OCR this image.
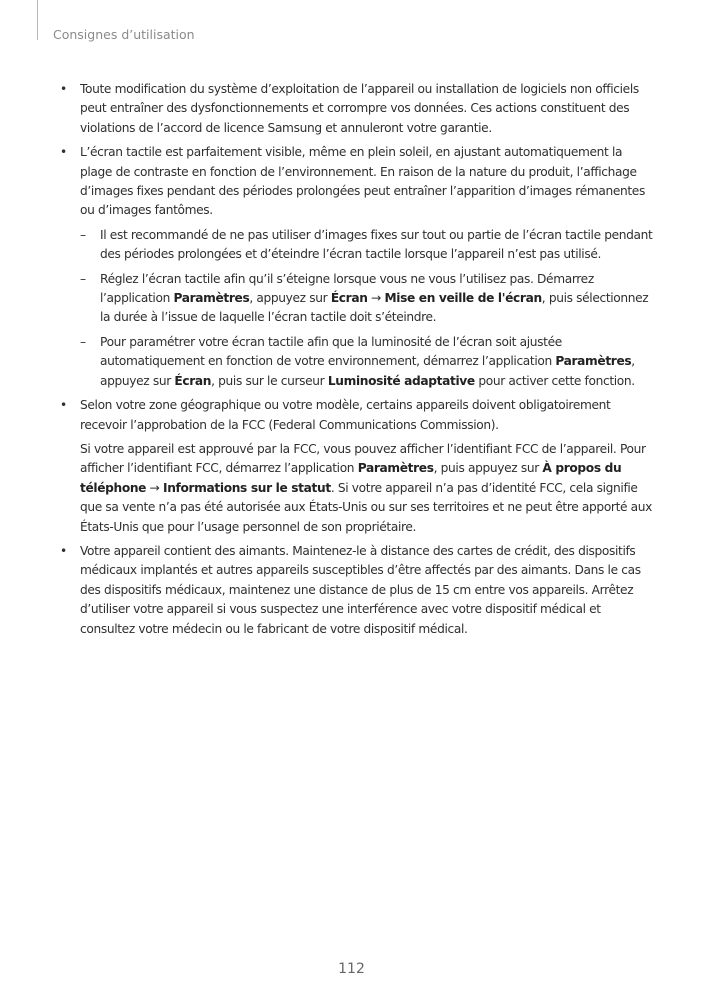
Consignes d’utilisation
• Toute modification du système d’exploitation de l’appareil ou installation de logiciels non officiels peut entraîner des dysfonctionnements et corrompre vos données. Ces actions constituent des violations de l’accord de licence Samsung et annuleront votre garantie.
• L’écran tactile est parfaitement visible, même en plein soleil, en ajustant automatiquement la plage de contraste en fonction de l’environnement. En raison de la nature du produit, l’affichage d’images fixes pendant des périodes prolongées peut entraîner l’apparition d’images rémanentes ou d’images fantômes.
– Il est recommandé de ne pas utiliser d’images fixes sur tout ou partie de l’écran tactile pendant des périodes prolongées et d’éteindre l’écran tactile lorsque l’appareil n’est pas utilisé.
– Réglez l’écran tactile afin qu’il s’éteigne lorsque vous ne vous l’utilisez pas. Démarrez l’application Paramètres, appuyez sur Écran → Mise en veille de l'écran, puis sélectionnez la durée à l’issue de laquelle l’écran tactile doit s’éteindre.
– Pour paramétrer votre écran tactile afin que la luminosité de l’écran soit ajustée automatiquement en fonction de votre environnement, démarrez l’application Paramètres, appuyez sur Écran, puis sur le curseur Luminosité adaptative pour activer cette fonction.
• Selon votre zone géographique ou votre modèle, certains appareils doivent obligatoirement recevoir l’approbation de la FCC (Federal Communications Commission).
Si votre appareil est approuvé par la FCC, vous pouvez afficher l’identifiant FCC de l’appareil. Pour afficher l’identifiant FCC, démarrez l’application Paramètres, puis appuyez sur À propos du téléphone → Informations sur le statut. Si votre appareil n’a pas d’identité FCC, cela signifie que sa vente n’a pas été autorisée aux États-Unis ou sur ses territoires et ne peut être apporté aux États-Unis que pour l’usage personnel de son propriétaire.
• Votre appareil contient des aimants. Maintenez-le à distance des cartes de crédit, des dispositifs médicaux implantés et autres appareils susceptibles d’être affectés par des aimants. Dans le cas des dispositifs médicaux, maintenez une distance de plus de 15 cm entre vos appareils. Arrêtez d’utiliser votre appareil si vous suspectez une interférence avec votre dispositif médical et consultez votre médecin ou le fabricant de votre dispositif médical.
112
